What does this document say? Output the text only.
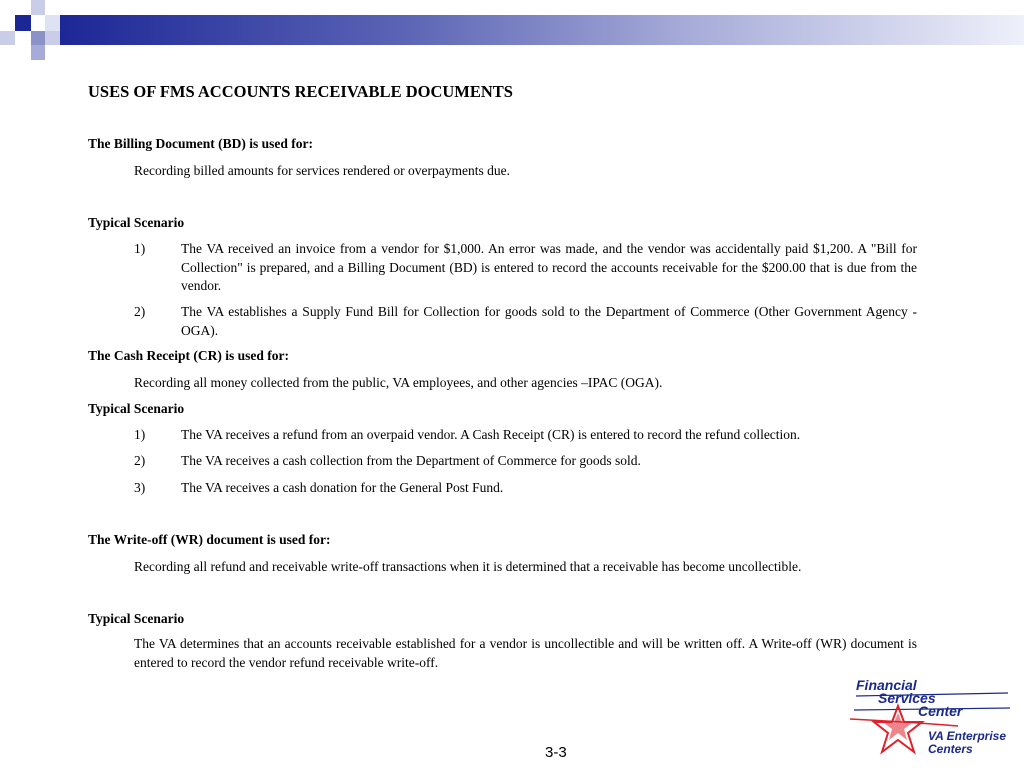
USES OF FMS ACCOUNTS RECEIVABLE DOCUMENTS
The Billing Document (BD) is used for:
Recording billed amounts for services rendered or overpayments due.
Typical Scenario
1)	The VA received an invoice from a vendor for $1,000. An error was made, and the vendor was accidentally paid $1,200. A "Bill for Collection" is prepared, and a Billing Document (BD) is entered to record the accounts receivable for the $200.00 that is due from the vendor.
2)	The VA establishes a Supply Fund Bill for Collection for goods sold to the Department of Commerce (Other Government Agency - OGA).
The Cash Receipt (CR) is used for:
Recording all money collected from the public, VA employees, and other agencies –IPAC (OGA).
Typical Scenario
1)	The VA receives a refund from an overpaid vendor. A Cash Receipt (CR) is entered to record the refund collection.
2)	The VA receives a cash collection from the Department of Commerce for goods sold.
3)	The VA receives a cash donation for the General Post Fund.
The Write-off (WR) document is used for:
Recording all refund and receivable write-off transactions when it is determined that a receivable has become uncollectible.
Typical Scenario
The VA determines that an accounts receivable established for a vendor is uncollectible and will be written off. A Write-off (WR) document is entered to record the vendor refund receivable write-off.
3-3
Financial
Services
Center
VA Enterprise
Centers
